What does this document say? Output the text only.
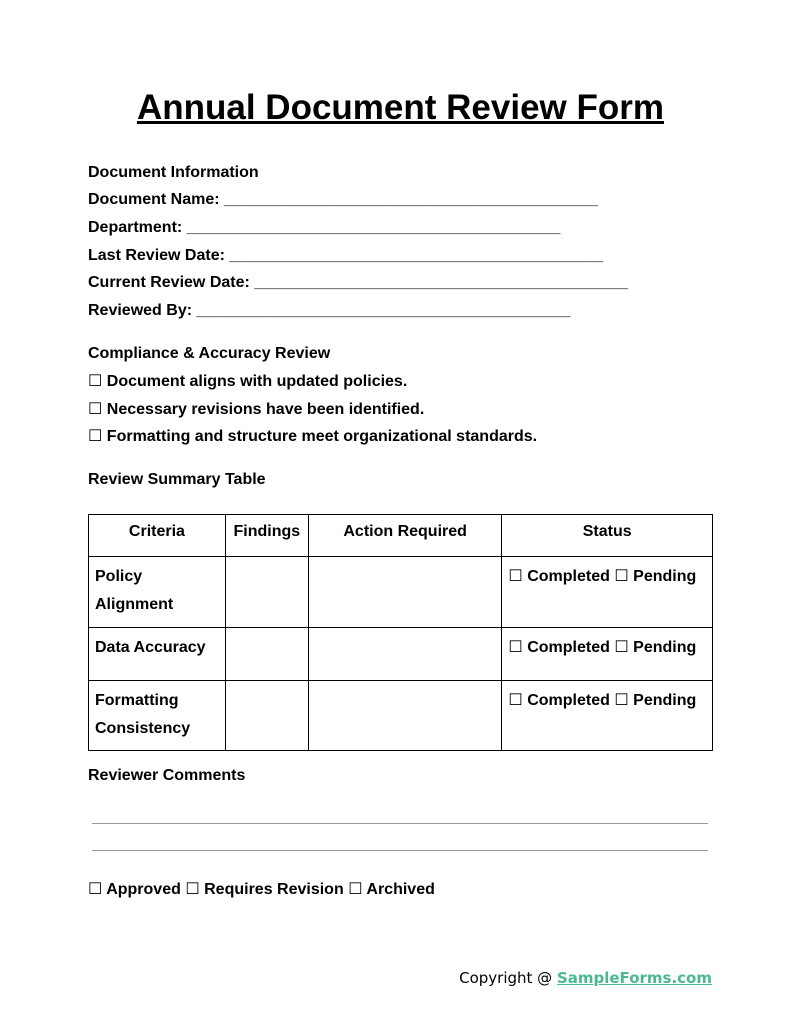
Annual Document Review Form
Document Information
Document Name: __________________________________________
Department: __________________________________________
Last Review Date: __________________________________________
Current Review Date: __________________________________________
Reviewed By: __________________________________________
Compliance & Accuracy Review
☐ Document aligns with updated policies.
☐ Necessary revisions have been identified.
☐ Formatting and structure meet organizational standards.
Review Summary Table
Criteria	Findings	Action Required	Status
Policy Alignment			☐ Completed ☐ Pending
Data Accuracy			☐ Completed ☐ Pending
Formatting Consistency			☐ Completed ☐ Pending
Reviewer Comments
☐ Approved ☐ Requires Revision ☐ Archived
Copyright @ SampleForms.com
